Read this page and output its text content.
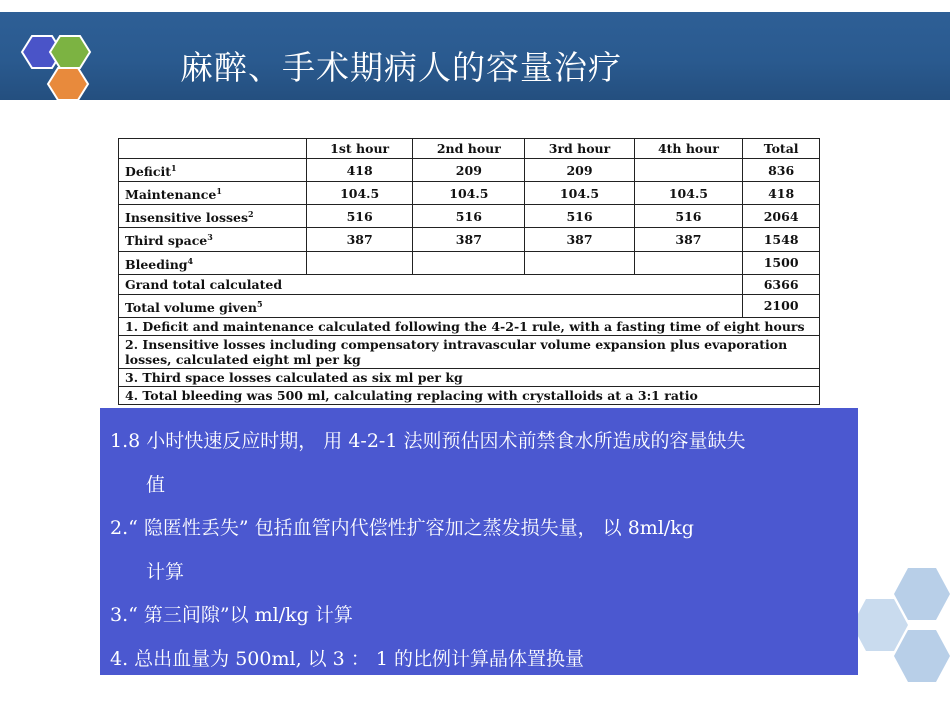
麻醉、手术期病人的容量治疗
	1st hour	2nd hour	3rd hour	4th hour	Total
Deficit$^1$	418	209	209		836
Maintenance$^1$	104.5	104.5	104.5	104.5	418
Insensitive losses$^2$	516	516	516	516	2064
Third space$^3$	387	387	387	387	1548
Bleeding$^4$					1500
Grand total calculated					6366
Total volume given$^5$					2100
1. Deficit and maintenance calculated following the 4-2-1 rule, with a fasting time of eight hours					
2. Insensitive losses including compensatory intravascular volume expansion plus evaporation losses, calculated eight ml per kg					
3. Third space losses calculated as six ml per kg					
4. Total bleeding was 500 ml, calculating replacing with crystalloids at a 3:1 ratio					

1.8 小时快速反应时期， 用 4-2-1 法则预估因术前禁食水所造成的容量缺失

值

2.“ 隐匿性丢失” 包括血管内代偿性扩容加之蒸发损失量， 以 8ml/kg

计算

3.“ 第三间隙”以 ml/kg 计算

4. 总出血量为 500ml, 以 3 ： 1 的比例计算晶体置换量
